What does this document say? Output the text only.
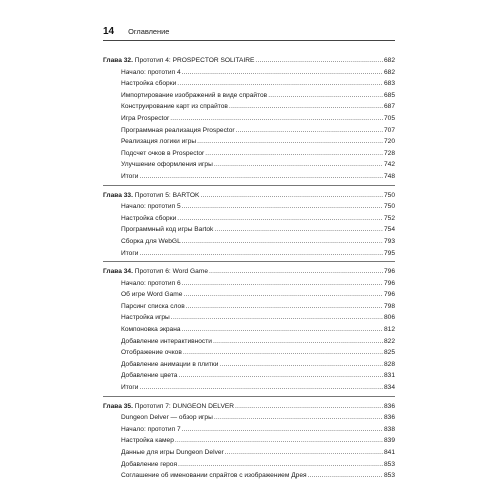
14 Оглавление
Глава 32. Прототип 4: PROSPECTOR SOLITAIRE .....	682
Начало: прототип 4 .....	682
Настройка сборки .....	683
Импортирование изображений в виде спрайтов .....	685
Конструирование карт из спрайтов .....	687
Игра Prospector .....	705
Программная реализация Prospector .....	707
Реализация логики игры .....	720
Подсчет очков в Prospector .....	728
Улучшение оформления игры .....	742
Итоги .....	748
Глава 33. Прототип 5: BARTOK .....	750
Начало: прототип 5 .....	750
Настройка сборки .....	752
Программный код игры Bartok .....	754
Сборка для WebGL .....	793
Итоги .....	795
Глава 34. Прототип 6: Word Game .....	796
Начало: прототип 6 .....	796
Об игре Word Game .....	796
Парсинг списка слов .....	798
Настройка игры .....	806
Компоновка экрана .....	812
Добавление интерактивности .....	822
Отображение очков .....	825
Добавление анимации в плитки .....	828
Добавление цвета .....	831
Итоги .....	834
Глава 35. Прототип 7: DUNGEON DELVER .....	836
Dungeon Delver — обзор игры .....	836
Начало: прототип 7 .....	838
Настройка камер .....	839
Данные для игры Dungeon Delver .....	841
Добавление героя .....	853
Соглашение об именовании спрайтов с изображением Дрея .....	853
